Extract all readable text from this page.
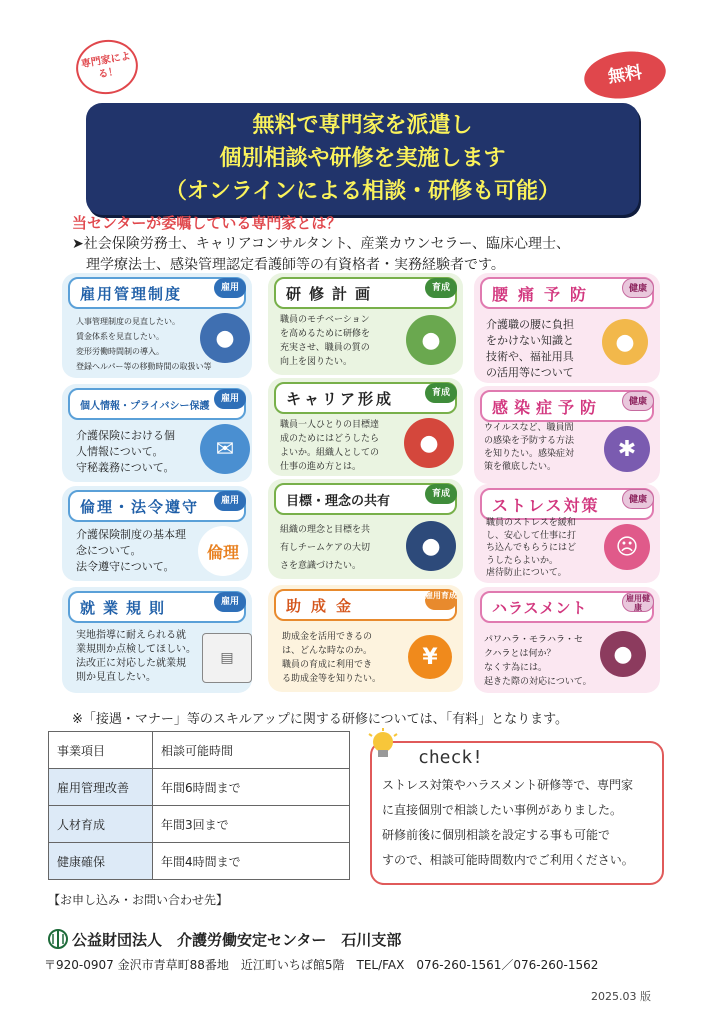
専門家による！	無料
無料で専門家を派遣し
個別相談や研修を実施します
（オンラインによる相談・研修も可能）
当センターが委嘱している専門家とは？
➤社会保険労務士、キャリアコンサルタント、産業カウンセラー、臨床心理士、
理学療法士、感染管理認定看護師等の有資格者・実務経験者です。
雇用管理制度	雇用
人事管理制度の見直したい。
賃金体系を見直したい。
変形労働時間制の導入。
登録ヘルパー等の移動時間の取扱い等
●
個人情報・プライバシー保護
雇用
介護保険における個
人情報について。
守秘義務について。
✉
倫理・法令遵守	雇用
介護保険制度の基本理
念について。
法令遵守について。
倫理
就業規則	雇用
実地指導に耐えられる就
業規則か点検してほしい。
法改正に対応した就業規
則か見直したい。
▤
研修計画	育成
職員のモチベーション
を高めるために研修を
充実させ、職員の質の
向上を図りたい。
●
キャリア形成	育成
職員一人ひとりの目標達
成のためにはどうしたら
よいか。組織人としての
仕事の進め方とは。
●
目標・理念の共有	育成
組織の理念と目標を共
有しチームケアの大切
さを意識づけたい。
●
助成金
雇用育成
助成金を活用できるの
は、どんな時なのか。
職員の育成に利用でき
る助成金等を知りたい。
¥
腰痛予防	健康
介護職の腰に負担
をかけない知識と
技術や、福祉用具
の活用等について
●
感染症予防	健康
ウイルスなど、職員間
の感染を予防する方法
を知りたい。感染症対
策を徹底したい。
✱
ストレス対策	健康
職員のストレスを緩和
し、安心して仕事に打
ち込んでもらうにはど
うしたらよいか。
虐待防止について。
☹
ハラスメント	雇用健康
パワハラ・モラハラ・セ
クハラとは何か？
なくす為には。
起きた際の対応について。
●
※「接遇・マナー」等のスキルアップに関する研修については、「有料」となります。
事業項目	相談可能時間
雇用管理改善	年間6時間まで
人材育成	年間3回まで
健康確保	年間4時間まで
check!
ストレス対策やハラスメント研修等で、専門家
に直接個別で相談したい事例がありました。
研修前後に個別相談を設定する事も可能で
すので、相談可能時間数内でご利用ください。
【お申し込み・お問い合わせ先】
公益財団法人　介護労働安定センター　石川支部
〒920-0907 金沢市青草町88番地　近江町いちば館5階　TEL/FAX　076-260-1561／076-260-1562
2025.03 版
